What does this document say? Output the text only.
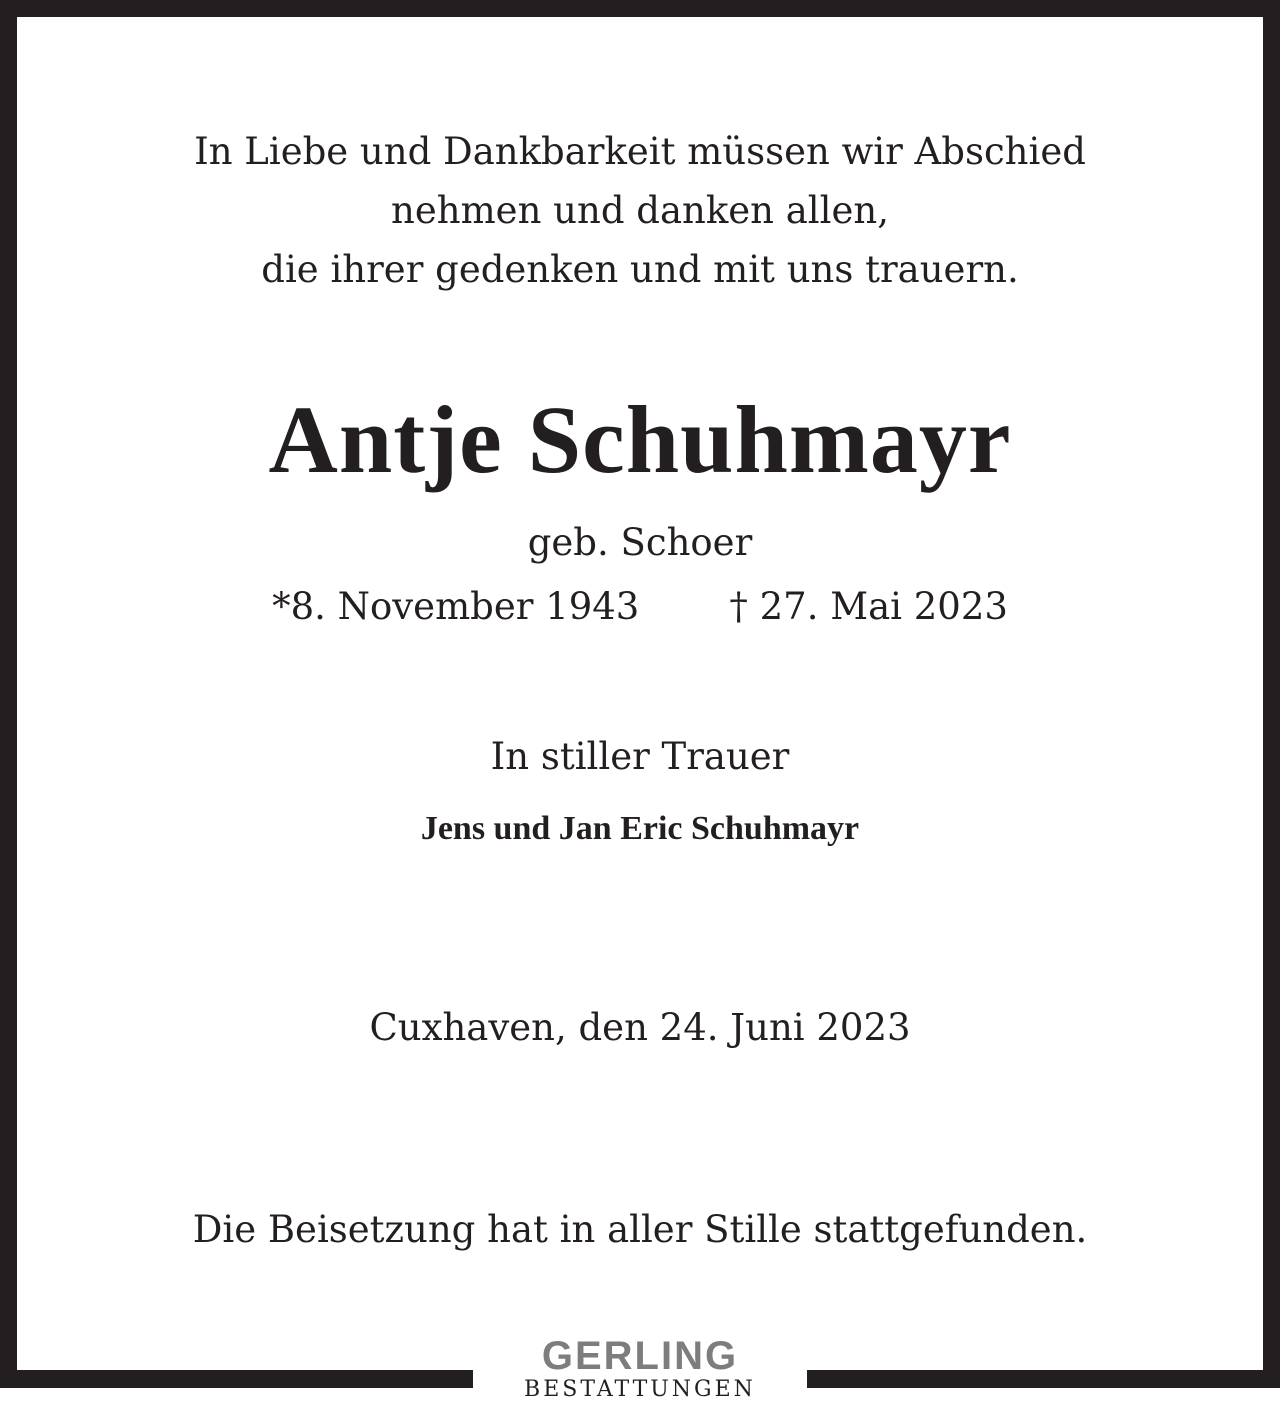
In Liebe und Dankbarkeit müssen wir Abschied
nehmen und danken allen,
die ihrer gedenken und mit uns trauern.
Antje Schuhmayr
geb. Schoer
*8. November 1943 † 27. Mai 2023
In stiller Trauer
Jens und Jan Eric Schuhmayr
Cuxhaven, den 24. Juni 2023
Die Beisetzung hat in aller Stille stattgefunden.
GERLING
BESTATTUNGEN
